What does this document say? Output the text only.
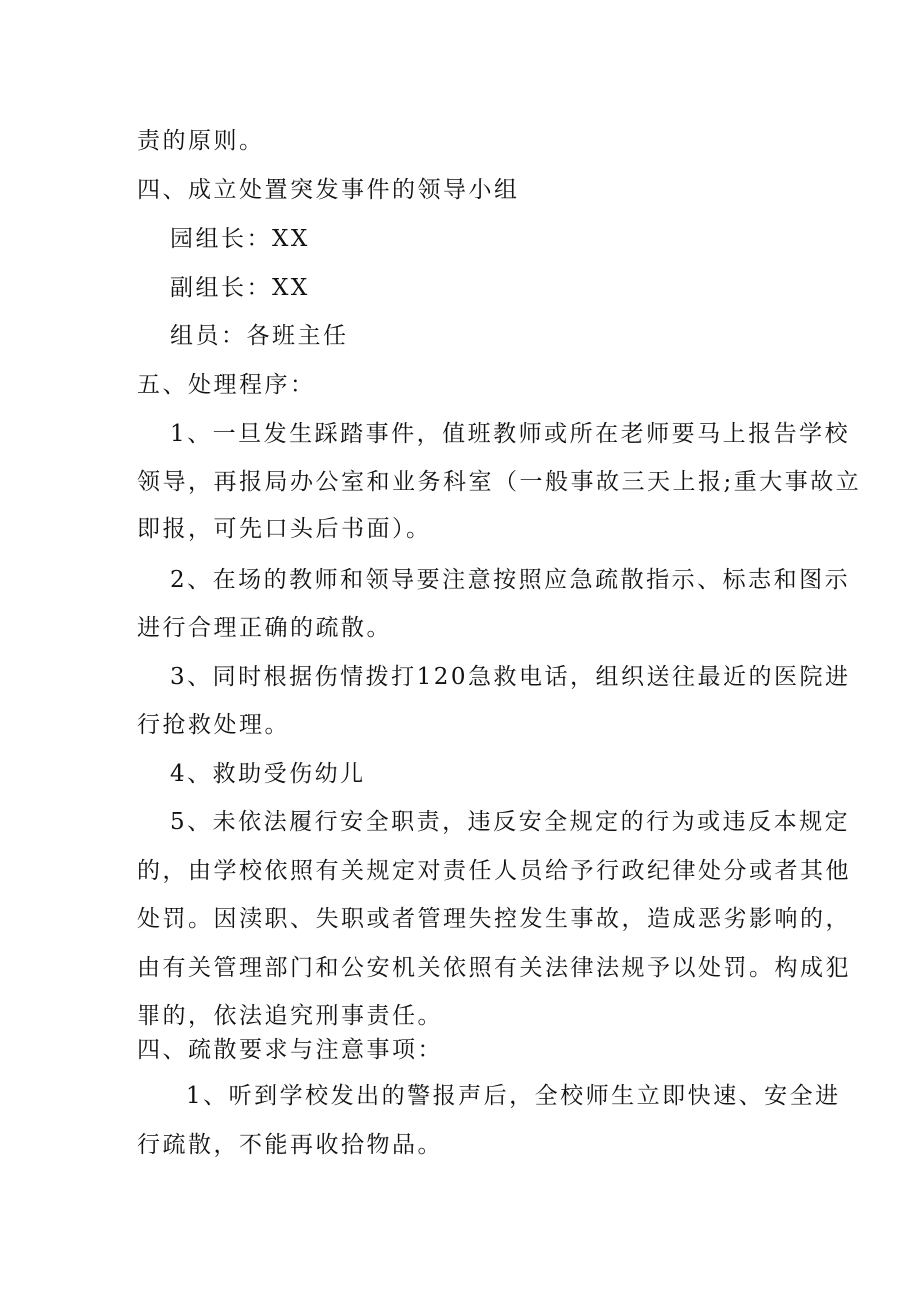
责的原则。
四、成立处置突发事件的领导小组
园组长：XX
副组长：XX
组员：各班主任
五、处理程序：
1、一旦发生踩踏事件，值班教师或所在老师要马上报告学校
领导，再报局办公室和业务科室（一般事故三天上报;重大事故立
即报，可先口头后书面）。
2、在场的教师和领导要注意按照应急疏散指示、标志和图示
进行合理正确的疏散。
3、同时根据伤情拨打120急救电话，组织送往最近的医院进
行抢救处理。
4、救助受伤幼儿
5、未依法履行安全职责，违反安全规定的行为或违反本规定
的，由学校依照有关规定对责任人员给予行政纪律处分或者其他
处罚。因渎职、失职或者管理失控发生事故，造成恶劣影响的，
由有关管理部门和公安机关依照有关法律法规予以处罚。构成犯
罪的，依法追究刑事责任。
四、疏散要求与注意事项：
1、听到学校发出的警报声后，全校师生立即快速、安全进
行疏散，不能再收拾物品。
